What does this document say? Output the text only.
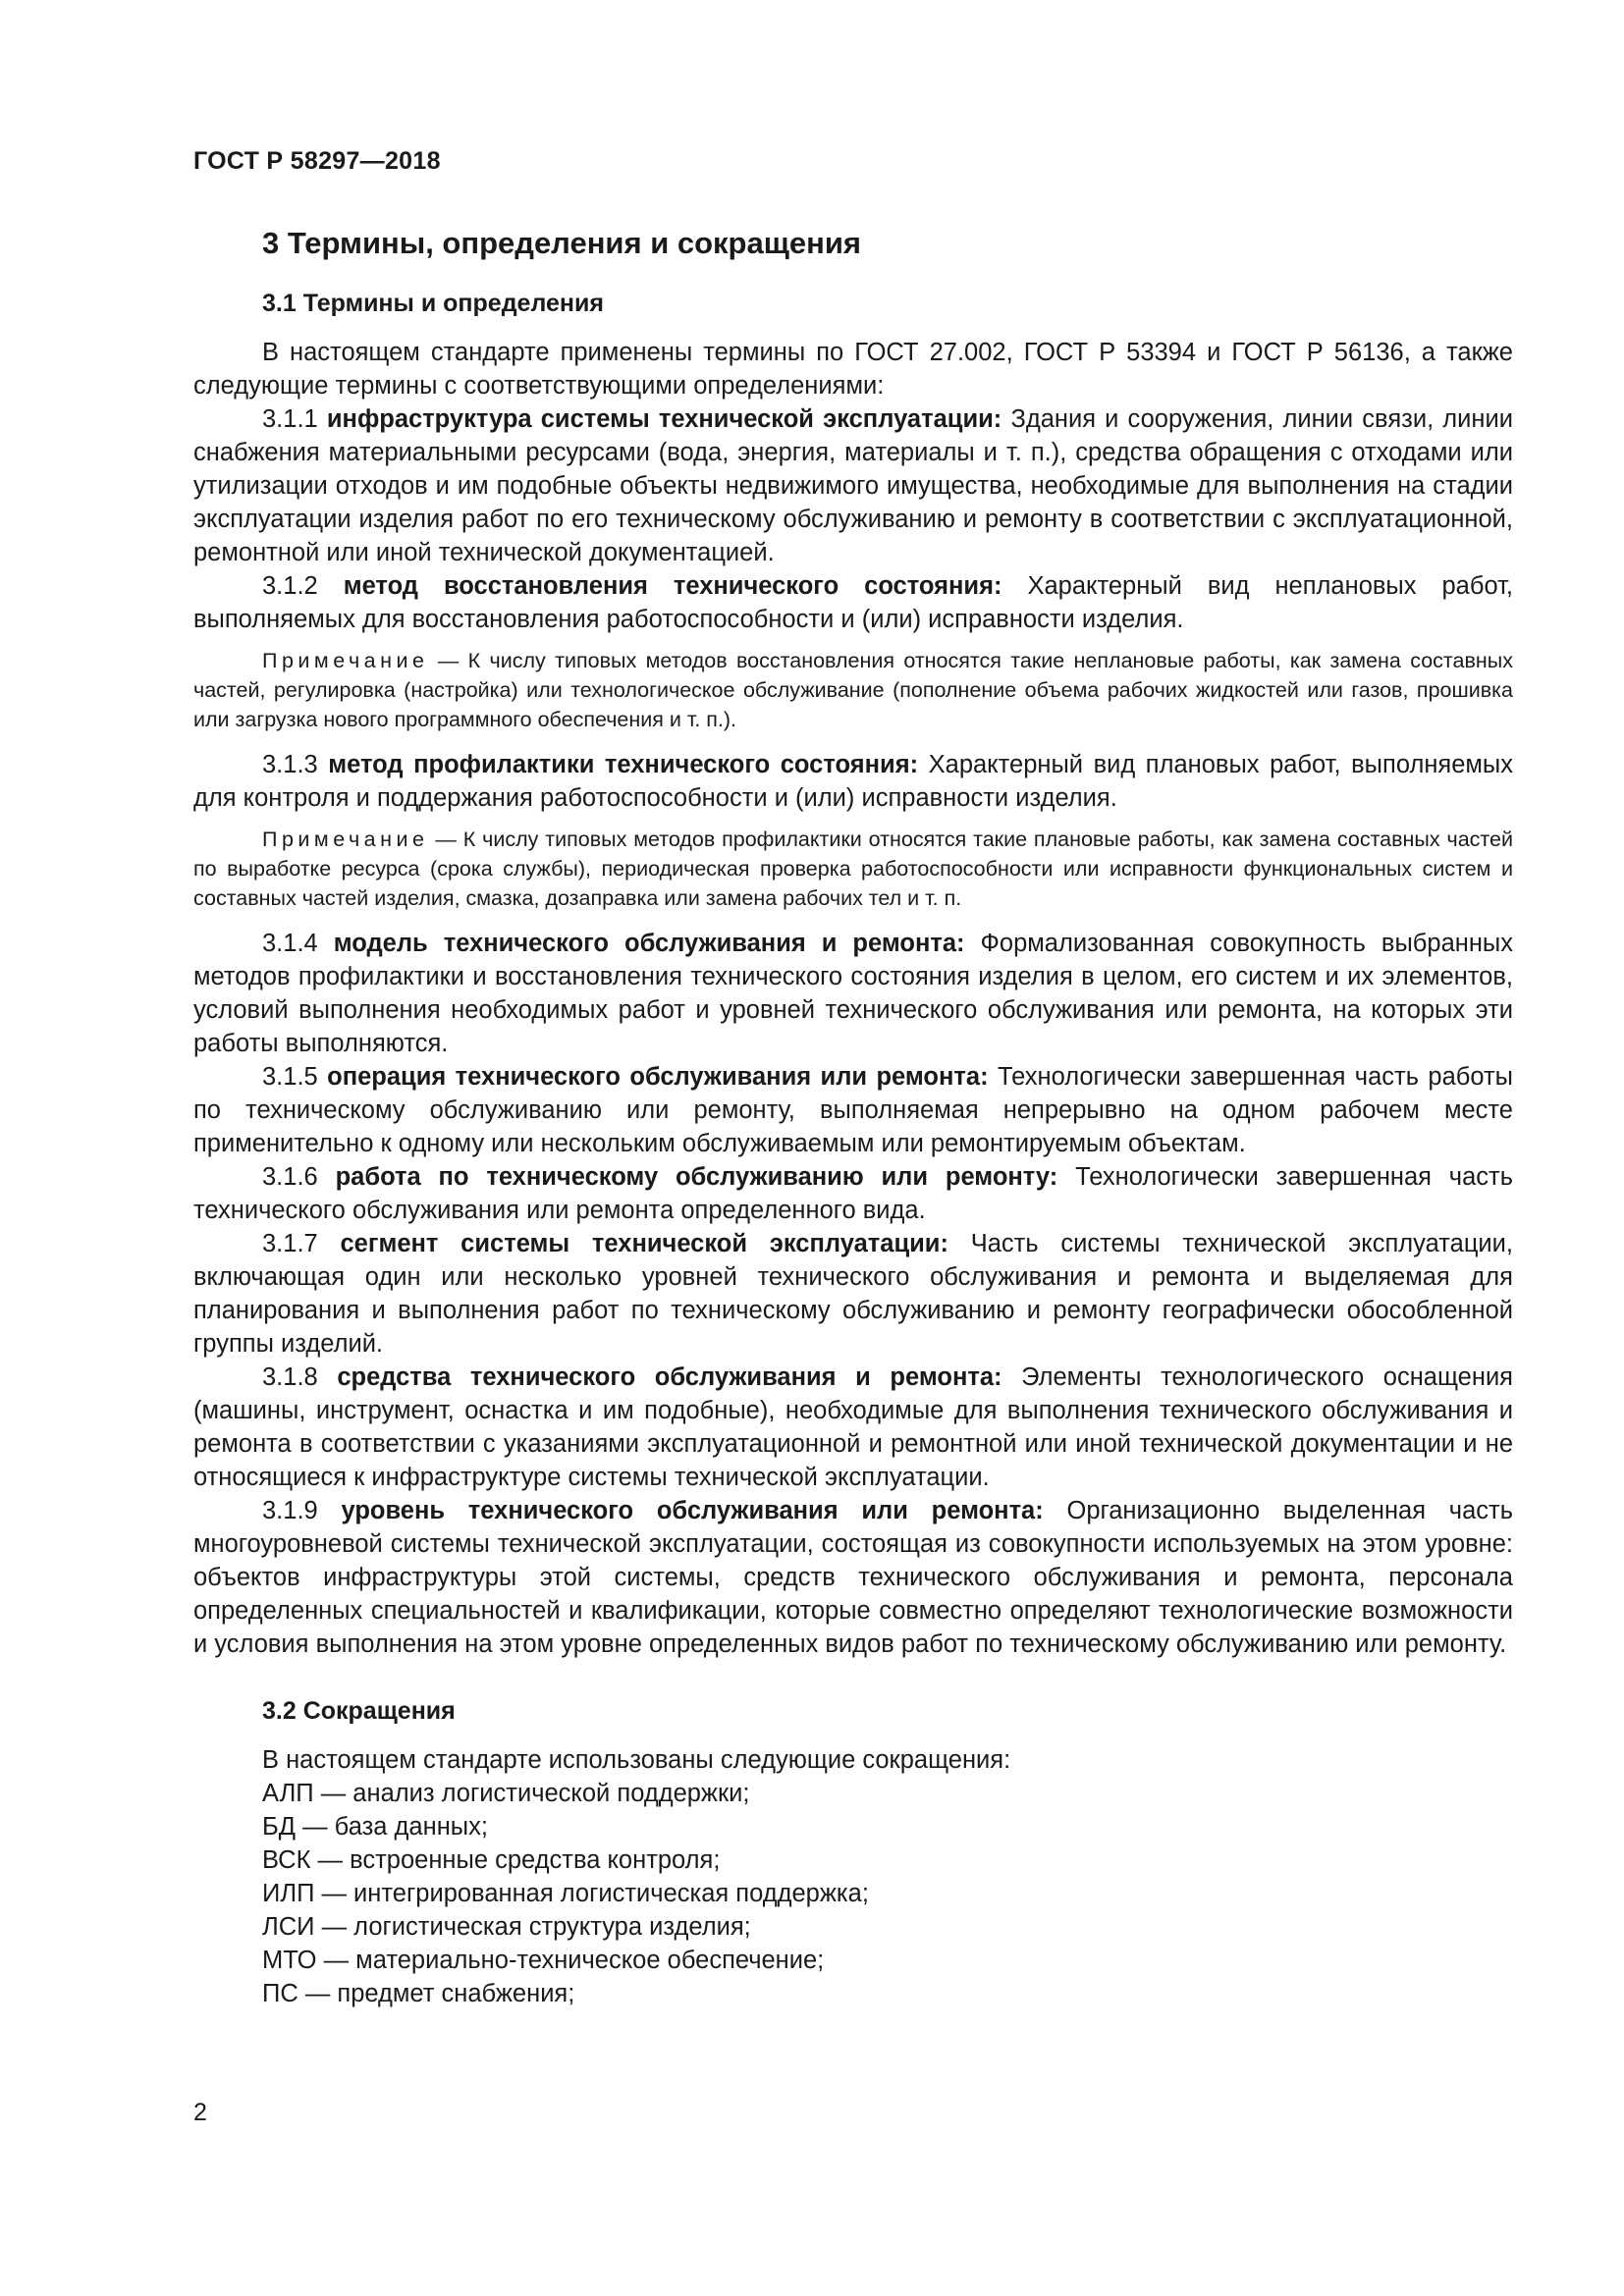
ГОСТ Р 58297—2018
3 Термины, определения и сокращения
3.1 Термины и определения

В настоящем стандарте применены термины по ГОСТ 27.002, ГОСТ Р 53394 и ГОСТ Р 56136, а также следующие термины с соответствующими определениями:

3.1.1 инфраструктура системы технической эксплуатации: Здания и сооружения, линии связи, линии снабжения материальными ресурсами (вода, энергия, материалы и т. п.), средства обращения с отходами или утилизации отходов и им подобные объекты недвижимого имущества, необходимые для выполнения на стадии эксплуатации изделия работ по его техническому обслуживанию и ремонту в соответствии с эксплуатационной, ремонтной или иной технической документацией.

3.1.2 метод восстановления технического состояния: Характерный вид неплановых работ, выполняемых для восстановления работоспособности и (или) исправности изделия.

Примечание — К числу типовых методов восстановления относятся такие неплановые работы, как замена составных частей, регулировка (настройка) или технологическое обслуживание (пополнение объема рабочих жидкостей или газов, прошивка или загрузка нового программного обеспечения и т. п.).

3.1.3 метод профилактики технического состояния: Характерный вид плановых работ, выполняемых для контроля и поддержания работоспособности и (или) исправности изделия.

Примечание — К числу типовых методов профилактики относятся такие плановые работы, как замена составных частей по выработке ресурса (срока службы), периодическая проверка работоспособности или исправности функциональных систем и составных частей изделия, смазка, дозаправка или замена рабочих тел и т. п.

3.1.4 модель технического обслуживания и ремонта: Формализованная совокупность выбранных методов профилактики и восстановления технического состояния изделия в целом, его систем и их элементов, условий выполнения необходимых работ и уровней технического обслуживания или ремонта, на которых эти работы выполняются.

3.1.5 операция технического обслуживания или ремонта: Технологически завершенная часть работы по техническому обслуживанию или ремонту, выполняемая непрерывно на одном рабочем месте применительно к одному или нескольким обслуживаемым или ремонтируемым объектам.

3.1.6 работа по техническому обслуживанию или ремонту: Технологически завершенная часть технического обслуживания или ремонта определенного вида.

3.1.7 сегмент системы технической эксплуатации: Часть системы технической эксплуатации, включающая один или несколько уровней технического обслуживания и ремонта и выделяемая для планирования и выполнения работ по техническому обслуживанию и ремонту географически обособленной группы изделий.

3.1.8 средства технического обслуживания и ремонта: Элементы технологического оснащения (машины, инструмент, оснастка и им подобные), необходимые для выполнения технического обслуживания и ремонта в соответствии с указаниями эксплуатационной и ремонтной или иной технической документации и не относящиеся к инфраструктуре системы технической эксплуатации.

3.1.9 уровень технического обслуживания или ремонта: Организационно выделенная часть многоуровневой системы технической эксплуатации, состоящая из совокупности используемых на этом уровне: объектов инфраструктуры этой системы, средств технического обслуживания и ремонта, персонала определенных специальностей и квалификации, которые совместно определяют технологические возможности и условия выполнения на этом уровне определенных видов работ по техническому обслуживанию или ремонту.

3.2 Сокращения

В настоящем стандарте использованы следующие сокращения:

АЛП — анализ логистической поддержки;
БД — база данных;
ВСК — встроенные средства контроля;
ИЛП — интегрированная логистическая поддержка;
ЛСИ — логистическая структура изделия;
МТО — материально-техническое обеспечение;
ПС — предмет снабжения;
2
